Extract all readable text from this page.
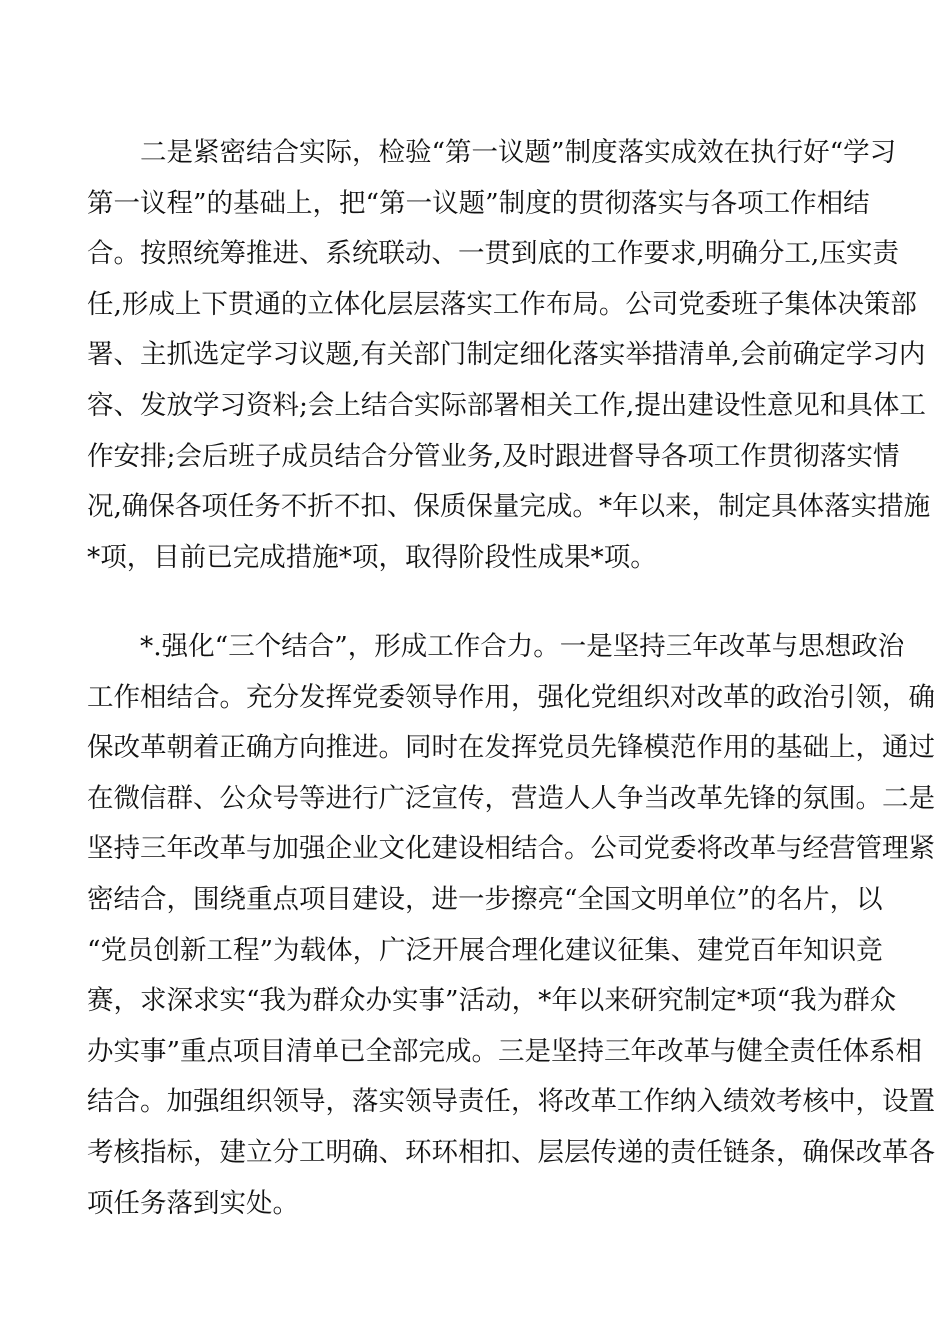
二是紧密结合实际，检验“第一议题”制度落实成效在执行好“学习
第一议程”的基础上，把“第一议题”制度的贯彻落实与各项工作相结
合。按照统筹推进、系统联动、一贯到底的工作要求,明确分工,压实责
任,形成上下贯通的立体化层层落实工作布局。公司党委班子集体决策部
署、主抓选定学习议题,有关部门制定细化落实举措清单,会前确定学习内
容、发放学习资料;会上结合实际部署相关工作,提出建设性意见和具体工
作安排;会后班子成员结合分管业务,及时跟进督导各项工作贯彻落实情
况,确保各项任务不折不扣、保质保量完成。*年以来，制定具体落实措施
*项，目前已完成措施*项，取得阶段性成果*项。
*.强化“三个结合”，形成工作合力。一是坚持三年改革与思想政治
工作相结合。充分发挥党委领导作用，强化党组织对改革的政治引领，确
保改革朝着正确方向推进。同时在发挥党员先锋模范作用的基础上，通过
在微信群、公众号等进行广泛宣传，营造人人争当改革先锋的氛围。二是
坚持三年改革与加强企业文化建设相结合。公司党委将改革与经营管理紧
密结合，围绕重点项目建设，进一步擦亮“全国文明单位”的名片，以
“党员创新工程”为载体，广泛开展合理化建议征集、建党百年知识竞
赛，求深求实“我为群众办实事”活动，*年以来研究制定*项“我为群众
办实事”重点项目清单已全部完成。三是坚持三年改革与健全责任体系相
结合。加强组织领导，落实领导责任，将改革工作纳入绩效考核中，设置
考核指标，建立分工明确、环环相扣、层层传递的责任链条，确保改革各
项任务落到实处。
